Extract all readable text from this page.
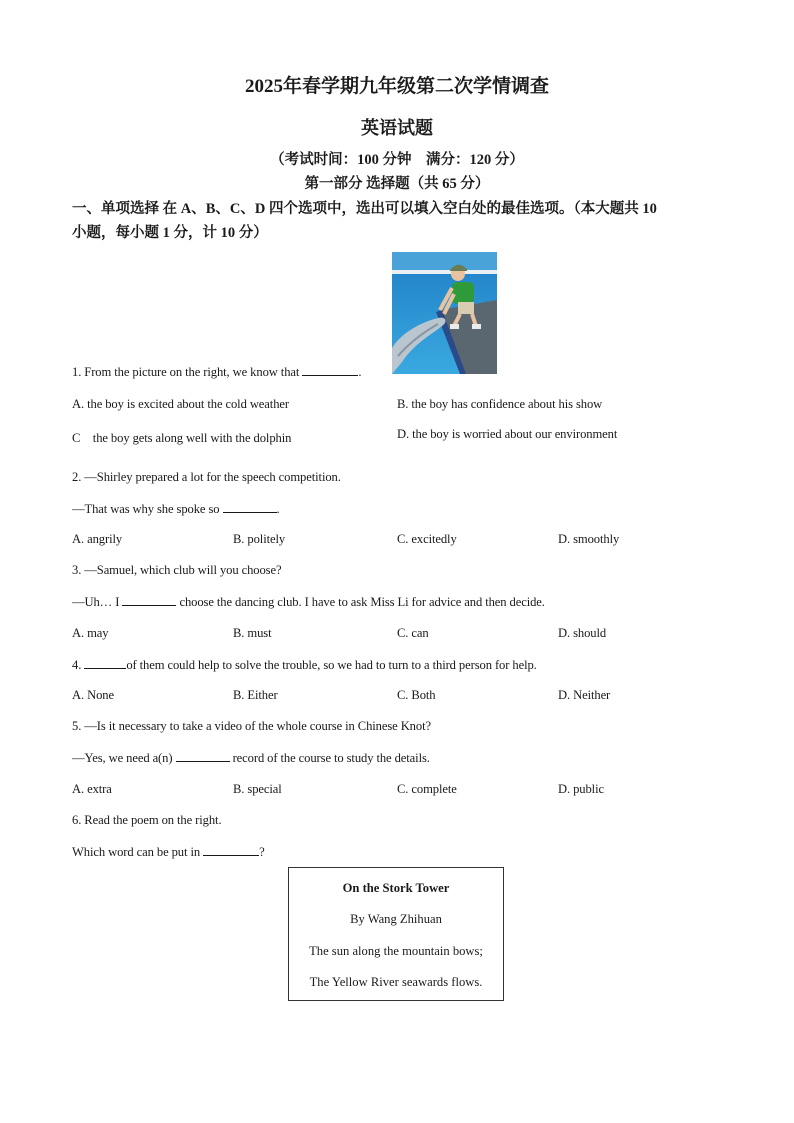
2025年春学期九年级第二次学情调查
英语试题
（考试时间：100 分钟　满分：120 分）
第一部分 选择题（共 65 分）
一、单项选择 在 A、B、C、D 四个选项中，选出可以填入空白处的最佳选项。（本大题共 10
小题，每小题 1 分，计 10 分）
1. From the picture on the right, we know that	.
A. the boy is excited about the cold weather	B. the boy has confidence about his show
C　the boy gets along well with the dolphin	D. the boy is worried about our environment
2. —Shirley prepared a lot for the speech competition.
—That was why she spoke so	.
A. angrily	B. politely	C. excitedly	D. smoothly
3. —Samuel, which club will you choose?
—Uh… I	choose the dancing club. I have to ask Miss Li for advice and then decide.
A. may	B. must	C. can	D. should
4.	of them could help to solve the trouble, so we had to turn to a third person for help.
A. None	B. Either	C. Both	D. Neither
5. —Is it necessary to take a video of the whole course in Chinese Knot?
—Yes, we need a(n)	record of the course to study the details.
A. extra	B. special	C. complete	D. public
6. Read the poem on the right.
Which word can be put in	?
On the Stork Tower
By Wang Zhihuan
The sun along the mountain bows;
The Yellow River seawards flows.
